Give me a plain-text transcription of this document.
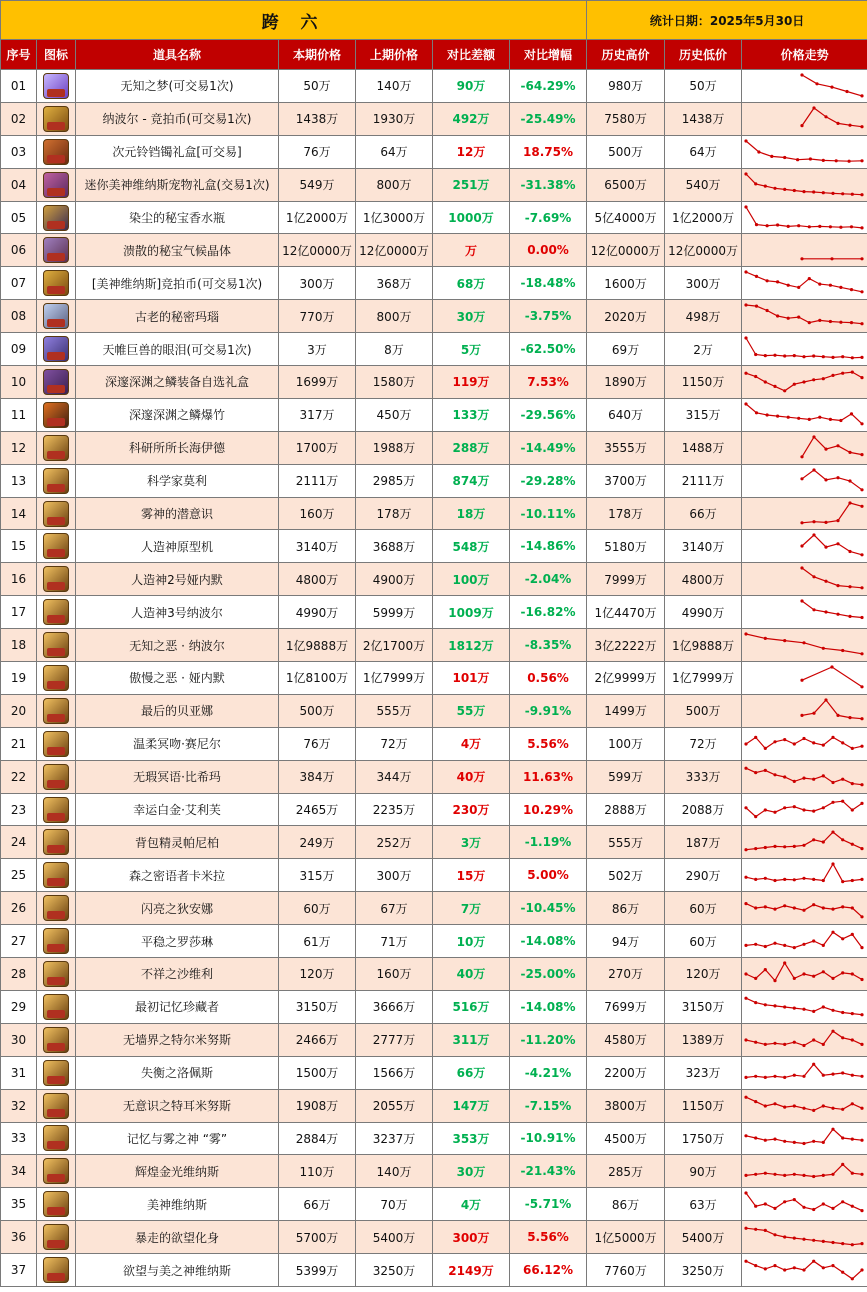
跨 六							统计日期：2025年5月30日		
序号	图标	道具名称	本期价格	上期价格	对比差额	对比增幅	历史高价	历史低价	价格走势
01		无知之梦(可交易1次)	50万	140万	90万	-64.29%	980万	50万	

02		纳波尔 - 竞拍币(可交易1次)	1438万	1930万	492万	-25.49%	7580万	1438万	

03		次元铃铛镯礼盒[可交易]	76万	64万	12万	18.75%	500万	64万	

04		迷你美神维纳斯宠物礼盒(交易1次)	549万	800万	251万	-31.38%	6500万	540万	

05		染尘的秘宝香水瓶	1亿2000万	1亿3000万	1000万	-7.69%	5亿4000万	1亿2000万	

06		溃散的秘宝气候晶体	12亿0000万	12亿0000万	万	0.00%	12亿0000万	12亿0000万	

07		[美神维纳斯]竞拍币(可交易1次)	300万	368万	68万	-18.48%	1600万	300万	

08		古老的秘密玛瑙	770万	800万	30万	-3.75%	2020万	498万	

09		天帷巨兽的眼泪(可交易1次)	3万	8万	5万	-62.50%	69万	2万	

10		深邃深渊之鳞装备自选礼盒	1699万	1580万	119万	7.53%	1890万	1150万	

11		深邃深渊之鳞爆竹	317万	450万	133万	-29.56%	640万	315万	

12		科研所所长海伊德	1700万	1988万	288万	-14.49%	3555万	1488万	

13		科学家莫利	2111万	2985万	874万	-29.28%	3700万	2111万	

14		雾神的潜意识	160万	178万	18万	-10.11%	178万	66万	

15		人造神原型机	3140万	3688万	548万	-14.86%	5180万	3140万	

16		人造神2号娅内默	4800万	4900万	100万	-2.04%	7999万	4800万	

17		人造神3号纳波尔	4990万	5999万	1009万	-16.82%	1亿4470万	4990万	

18		无知之恶 · 纳波尔	1亿9888万	2亿1700万	1812万	-8.35%	3亿2222万	1亿9888万	

19		傲慢之恶 · 娅内默	1亿8100万	1亿7999万	101万	0.56%	2亿9999万	1亿7999万	

20		最后的贝亚娜	500万	555万	55万	-9.91%	1499万	500万	

21		温柔冥吻·赛尼尔	76万	72万	4万	5.56%	100万	72万	

22		无瑕冥语·比希玛	384万	344万	40万	11.63%	599万	333万	

23		幸运白金·艾利芙	2465万	2235万	230万	10.29%	2888万	2088万	

24		背包精灵帕尼柏	249万	252万	3万	-1.19%	555万	187万	

25		森之密语者卡米拉	315万	300万	15万	5.00%	502万	290万	

26		闪亮之狄安娜	60万	67万	7万	-10.45%	86万	60万	

27		平稳之罗莎琳	61万	71万	10万	-14.08%	94万	60万	

28		不祥之沙维利	120万	160万	40万	-25.00%	270万	120万	

29		最初记忆珍藏者	3150万	3666万	516万	-14.08%	7699万	3150万	

30		无墙界之特尔米努斯	2466万	2777万	311万	-11.20%	4580万	1389万	

31		失衡之洛佩斯	1500万	1566万	66万	-4.21%	2200万	323万	

32		无意识之特耳米努斯	1908万	2055万	147万	-7.15%	3800万	1150万	

33		记忆与雾之神 “雾”	2884万	3237万	353万	-10.91%	4500万	1750万	

34		辉煌金光维纳斯	110万	140万	30万	-21.43%	285万	90万	

35		美神维纳斯	66万	70万	4万	-5.71%	86万	63万	

36		暴走的欲望化身	5700万	5400万	300万	5.56%	1亿5000万	5400万	

37		欲望与美之神维纳斯	5399万	3250万	2149万	66.12%	7760万	3250万	
